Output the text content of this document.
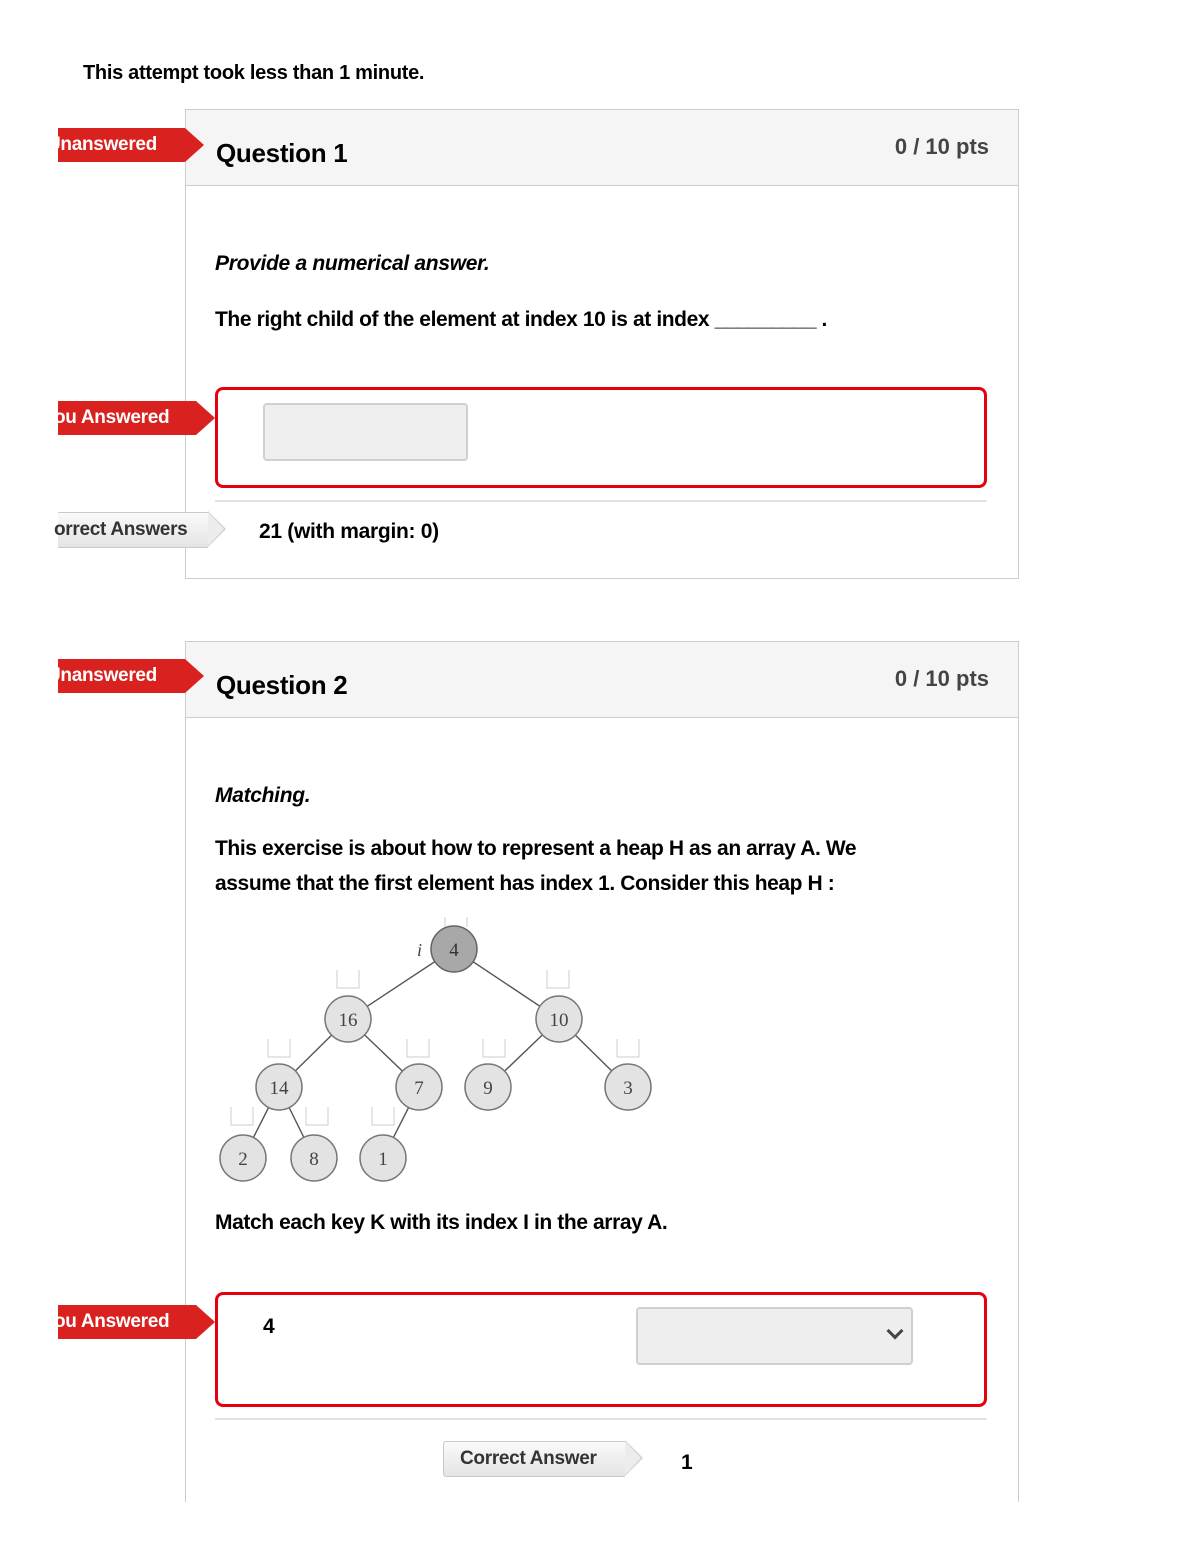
This attempt took less than 1 minute.
Question 1	0 / 10 pts
Unanswered
Provide a numerical answer.
The right child of the element at index 10 is at index _________ .
ou Answered
orrect Answers	21 (with margin: 0)
Question 2	0 / 10 pts
Unanswered
Matching.
This exercise is about how to represent a heap H as an array A. We
assume that the first element has index 1. Consider this heap H :
i 4
16	10
14	7	9	3
2	8	1
Match each key K with its index I in the array A.
ou Answered	4
Correct Answer	1
